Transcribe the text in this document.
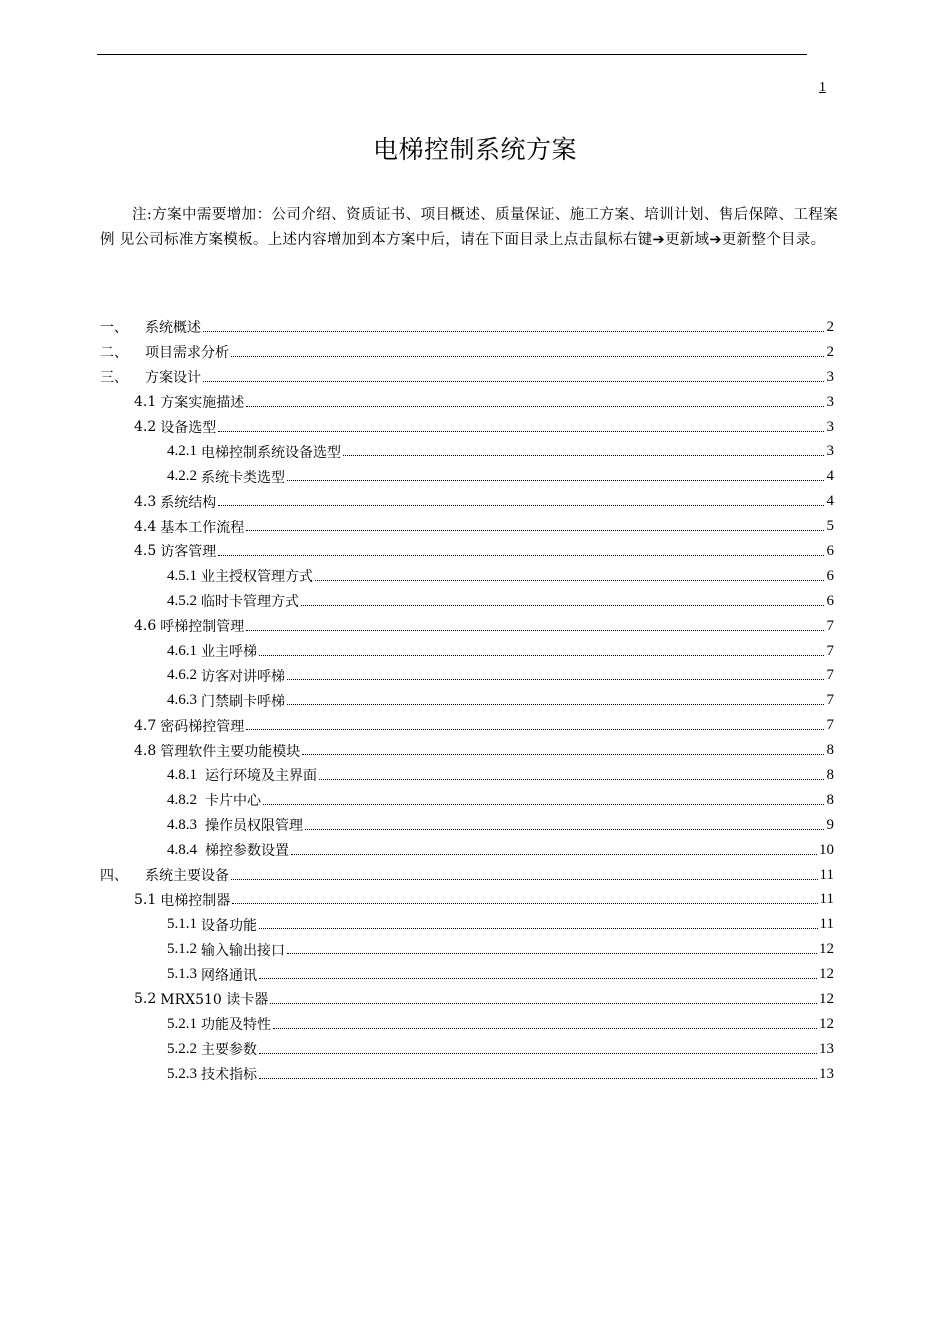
1
电梯控制系统方案

注:方案中需要增加：公司介绍、资质证书、项目概述、质量保证、施工方案、培训计划、售后保障、工程案例 见公司标准方案模板。上述内容增加到本方案中后，请在下面目录上点击鼠标右键➔更新域➔更新整个目录。

一、	系统概述	2
二、	项目需求分析	2
三、	方案设计	3
4.1 方案实施描述	3
4.2 设备选型	3
4.2.1 电梯控制系统设备选型	3
4.2.2 系统卡类选型	4
4.3 系统结构	4
4.4 基本工作流程	5
4.5 访客管理	6
4.5.1 业主授权管理方式	6
4.5.2 临时卡管理方式	6
4.6 呼梯控制管理	7
4.6.1 业主呼梯	7
4.6.2 访客对讲呼梯	7
4.6.3 门禁刷卡呼梯	7
4.7 密码梯控管理	7
4.8 管理软件主要功能模块	8
4.8.1 运行环境及主界面	8
4.8.2 卡片中心	8
4.8.3 操作员权限管理	9
4.8.4 梯控参数设置	10
四、	系统主要设备	11
5.1 电梯控制器	11
5.1.1 设备功能	11
5.1.2 输入输出接口	12
5.1.3 网络通讯	12
5.2 MRX510 读卡器	12
5.2.1 功能及特性	12
5.2.2 主要参数	13
5.2.3 技术指标	13
